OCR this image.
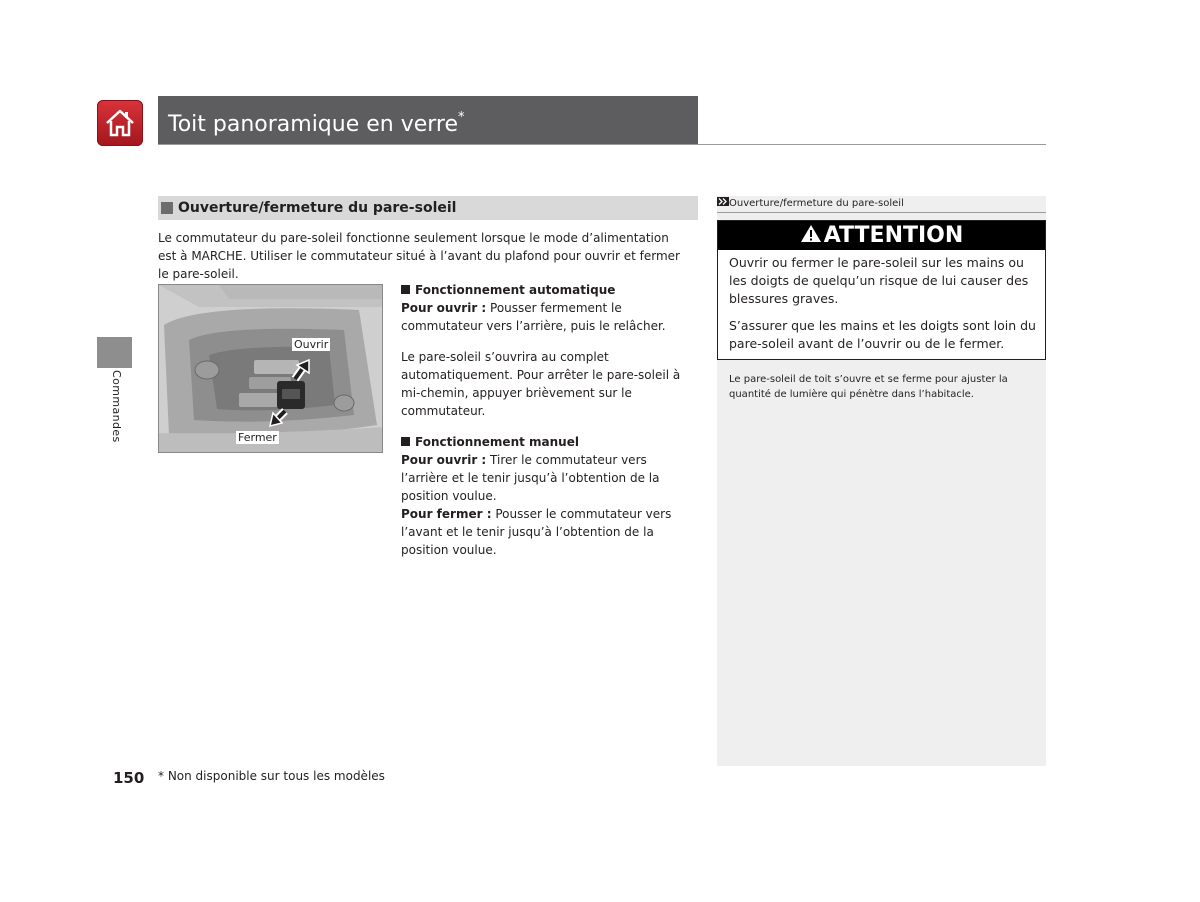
Toit panoramique en verre*
Commandes
Ouverture/fermeture du pare-soleil
Le commutateur du pare-soleil fonctionne seulement lorsque le mode d’alimentation est à MARCHE. Utiliser le commutateur situé à l’avant du plafond pour ouvrir et fermer le pare-soleil.
Ouvrir
Fermer

Fonctionnement automatique

Pour ouvrir : Pousser fermement le commutateur vers l’arrière, puis le relâcher.

Le pare-soleil s’ouvrira au complet automatiquement. Pour arrêter le pare-soleil à mi-chemin, appuyer brièvement sur le commutateur.

Fonctionnement manuel

Pour ouvrir : Tirer le commutateur vers l’arrière et le tenir jusqu’à l’obtention de la position voulue.

Pour fermer : Pousser le commutateur vers l’avant et le tenir jusqu’à l’obtention de la position voulue.

Ouverture/fermeture du pare-soleil
ATTENTION

Ouvrir ou fermer le pare-soleil sur les mains ou les doigts de quelqu’un risque de lui causer des blessures graves.

S’assurer que les mains et les doigts sont loin du pare-soleil avant de l’ouvrir ou de le fermer.

Le pare-soleil de toit s’ouvre et se ferme pour ajuster la quantité de lumière qui pénètre dans l’habitacle.
150 * Non disponible sur tous les modèles
